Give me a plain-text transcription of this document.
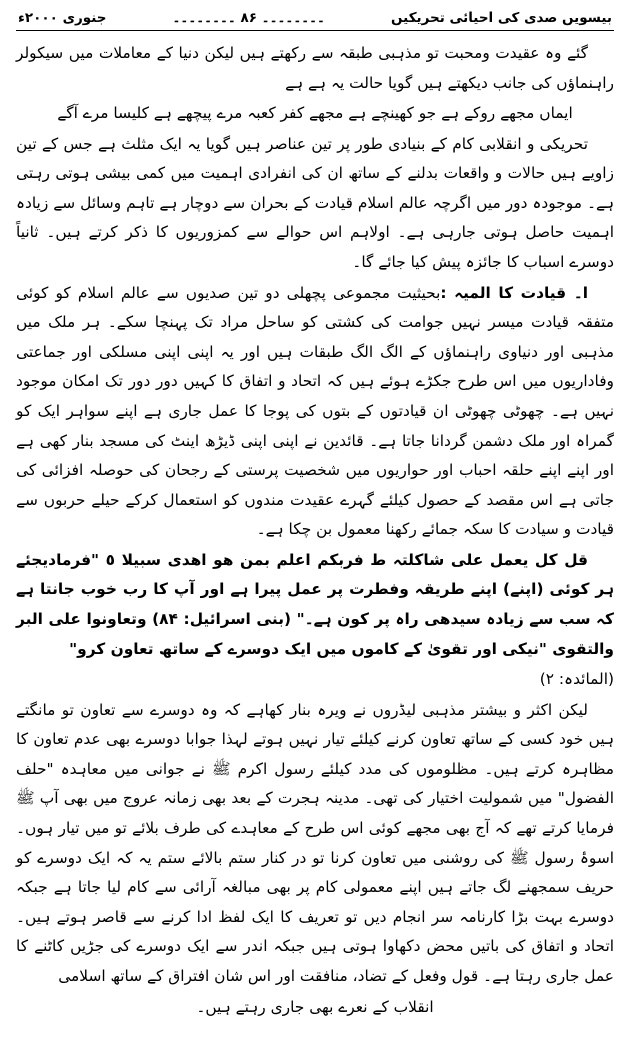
بیسویں صدی کی احیائی تحریکیں
۔۔۔۔۔۔۔۔ ۸۶ ۔۔۔۔۔۔۔۔
جنوری ۲۰۰۰ء

گئے وہ عقیدت ومحبت تو مذہبی طبقہ سے رکھتے ہیں لیکن دنیا کے معاملات میں سیکولر راہنماؤں کی جانب دیکھتے ہیں گویا حالت یہ ہے ہے

ایماں مجھے روکے ہے جو کھینچے ہے مجھے کفر کعبہ مرے پیچھے ہے کلیسا مرے آگے

تحریکی و انقلابی کام کے بنیادی طور پر تین عناصر ہیں گویا یہ ایک مثلث ہے جس کے تین زاویے ہیں حالات و واقعات بدلنے کے ساتھ ان کی انفرادی اہمیت میں کمی بیشی ہوتی رہتی ہے۔ موجودہ دور میں اگرچہ عالم اسلام قیادت کے بحران سے دوچار ہے تاہم وسائل سے زیادہ اہمیت حاصل ہوتی جارہی ہے۔ اولاہم اس حوالے سے کمزوریوں کا ذکر کرتے ہیں۔ ثانیاً دوسرے اسباب کا جائزہ پیش کیا جائے گا۔

ا۔ قیادت کا المیہ :بحیثیت مجموعی پچھلی دو تین صدیوں سے عالم اسلام کو کوئی متفقہ قیادت میسر نہیں جوامت کی کشتی کو ساحل مراد تک پہنچا سکے۔ ہر ملک میں مذہبی اور دنیاوی راہنماؤں کے الگ الگ طبقات ہیں اور یہ اپنی اپنی مسلکی اور جماعتی وفاداریوں میں اس طرح جکڑے ہوئے ہیں کہ اتحاد و اتفاق کا کہیں دور دور تک امکان موجود نہیں ہے۔ چھوٹی چھوٹی ان قیادتوں کے بتوں کی پوجا کا عمل جاری ہے اپنے سواہر ایک کو گمراہ اور ملک دشمن گردانا جاتا ہے۔ قائدین نے اپنی اپنی ڈیڑھ اینٹ کی مسجد بنار کھی ہے اور اپنے اپنے حلقہ احباب اور حواریوں میں شخصیت پرستی کے رجحان کی حوصلہ افزائی کی جاتی ہے اس مقصد کے حصول کیلئے گہرے عقیدت مندوں کو استعمال کرکے حیلے حربوں سے قیادت و سیادت کا سکہ جمائے رکھنا معمول بن چکا ہے۔

قل کل یعمل علی شاکلتہ ط فربکم اعلم بمن ھو اھدی سبیلا ٥ "فرمادیجئے ہر کوئی (اپنے) اپنے طریقہ وفطرت پر عمل پیرا ہے اور آپ کا رب خوب جانتا ہے کہ سب سے زیادہ سیدھی راہ پر کون ہے۔" (بنی اسرائیل: ۸۴) وتعاونوا علی البر والتقوی "نیکی اور تقویٰ کے کاموں میں ایک دوسرے کے ساتھ تعاون کرو"

(المائدہ: ۲)

لیکن اکثر و بیشتر مذہبی لیڈروں نے ویرہ بنار کھاہے کہ وہ دوسرے سے تعاون تو مانگتے ہیں خود کسی کے ساتھ تعاون کرنے کیلئے تیار نہیں ہوتے لہذا جوابا دوسرے بھی عدم تعاون کا مظاہرہ کرتے ہیں۔ مظلوموں کی مدد کیلئے رسول اکرم ﷺ نے جوانی میں معاہدہ "حلف الفضول" میں شمولیت اختیار کی تھی۔ مدینہ ہجرت کے بعد بھی زمانہ عروج میں بھی آپ ﷺ فرمایا کرتے تھے کہ آج بھی مجھے کوئی اس طرح کے معاہدے کی طرف بلائے تو میں تیار ہوں۔ اسوۂ رسول ﷺ کی روشنی میں تعاون کرنا تو در کنار ستم بالائے ستم یہ کہ ایک دوسرے کو حریف سمجھنے لگ جاتے ہیں اپنے معمولی کام پر بھی مبالغہ آرائی سے کام لیا جاتا ہے جبکہ دوسرے بہت بڑا کارنامہ سر انجام دیں تو تعریف کا ایک لفظ ادا کرنے سے قاصر ہوتے ہیں۔ اتحاد و اتفاق کی باتیں محض دکھاوا ہوتی ہیں جبکہ اندر سے ایک دوسرے کی جڑیں کاٹنے کا عمل جاری رہتا ہے۔ قول وفعل کے تضاد، منافقت اور اس شان افتراق کے ساتھ اسلامی

انقلاب کے نعرے بھی جاری رہتے ہیں۔
